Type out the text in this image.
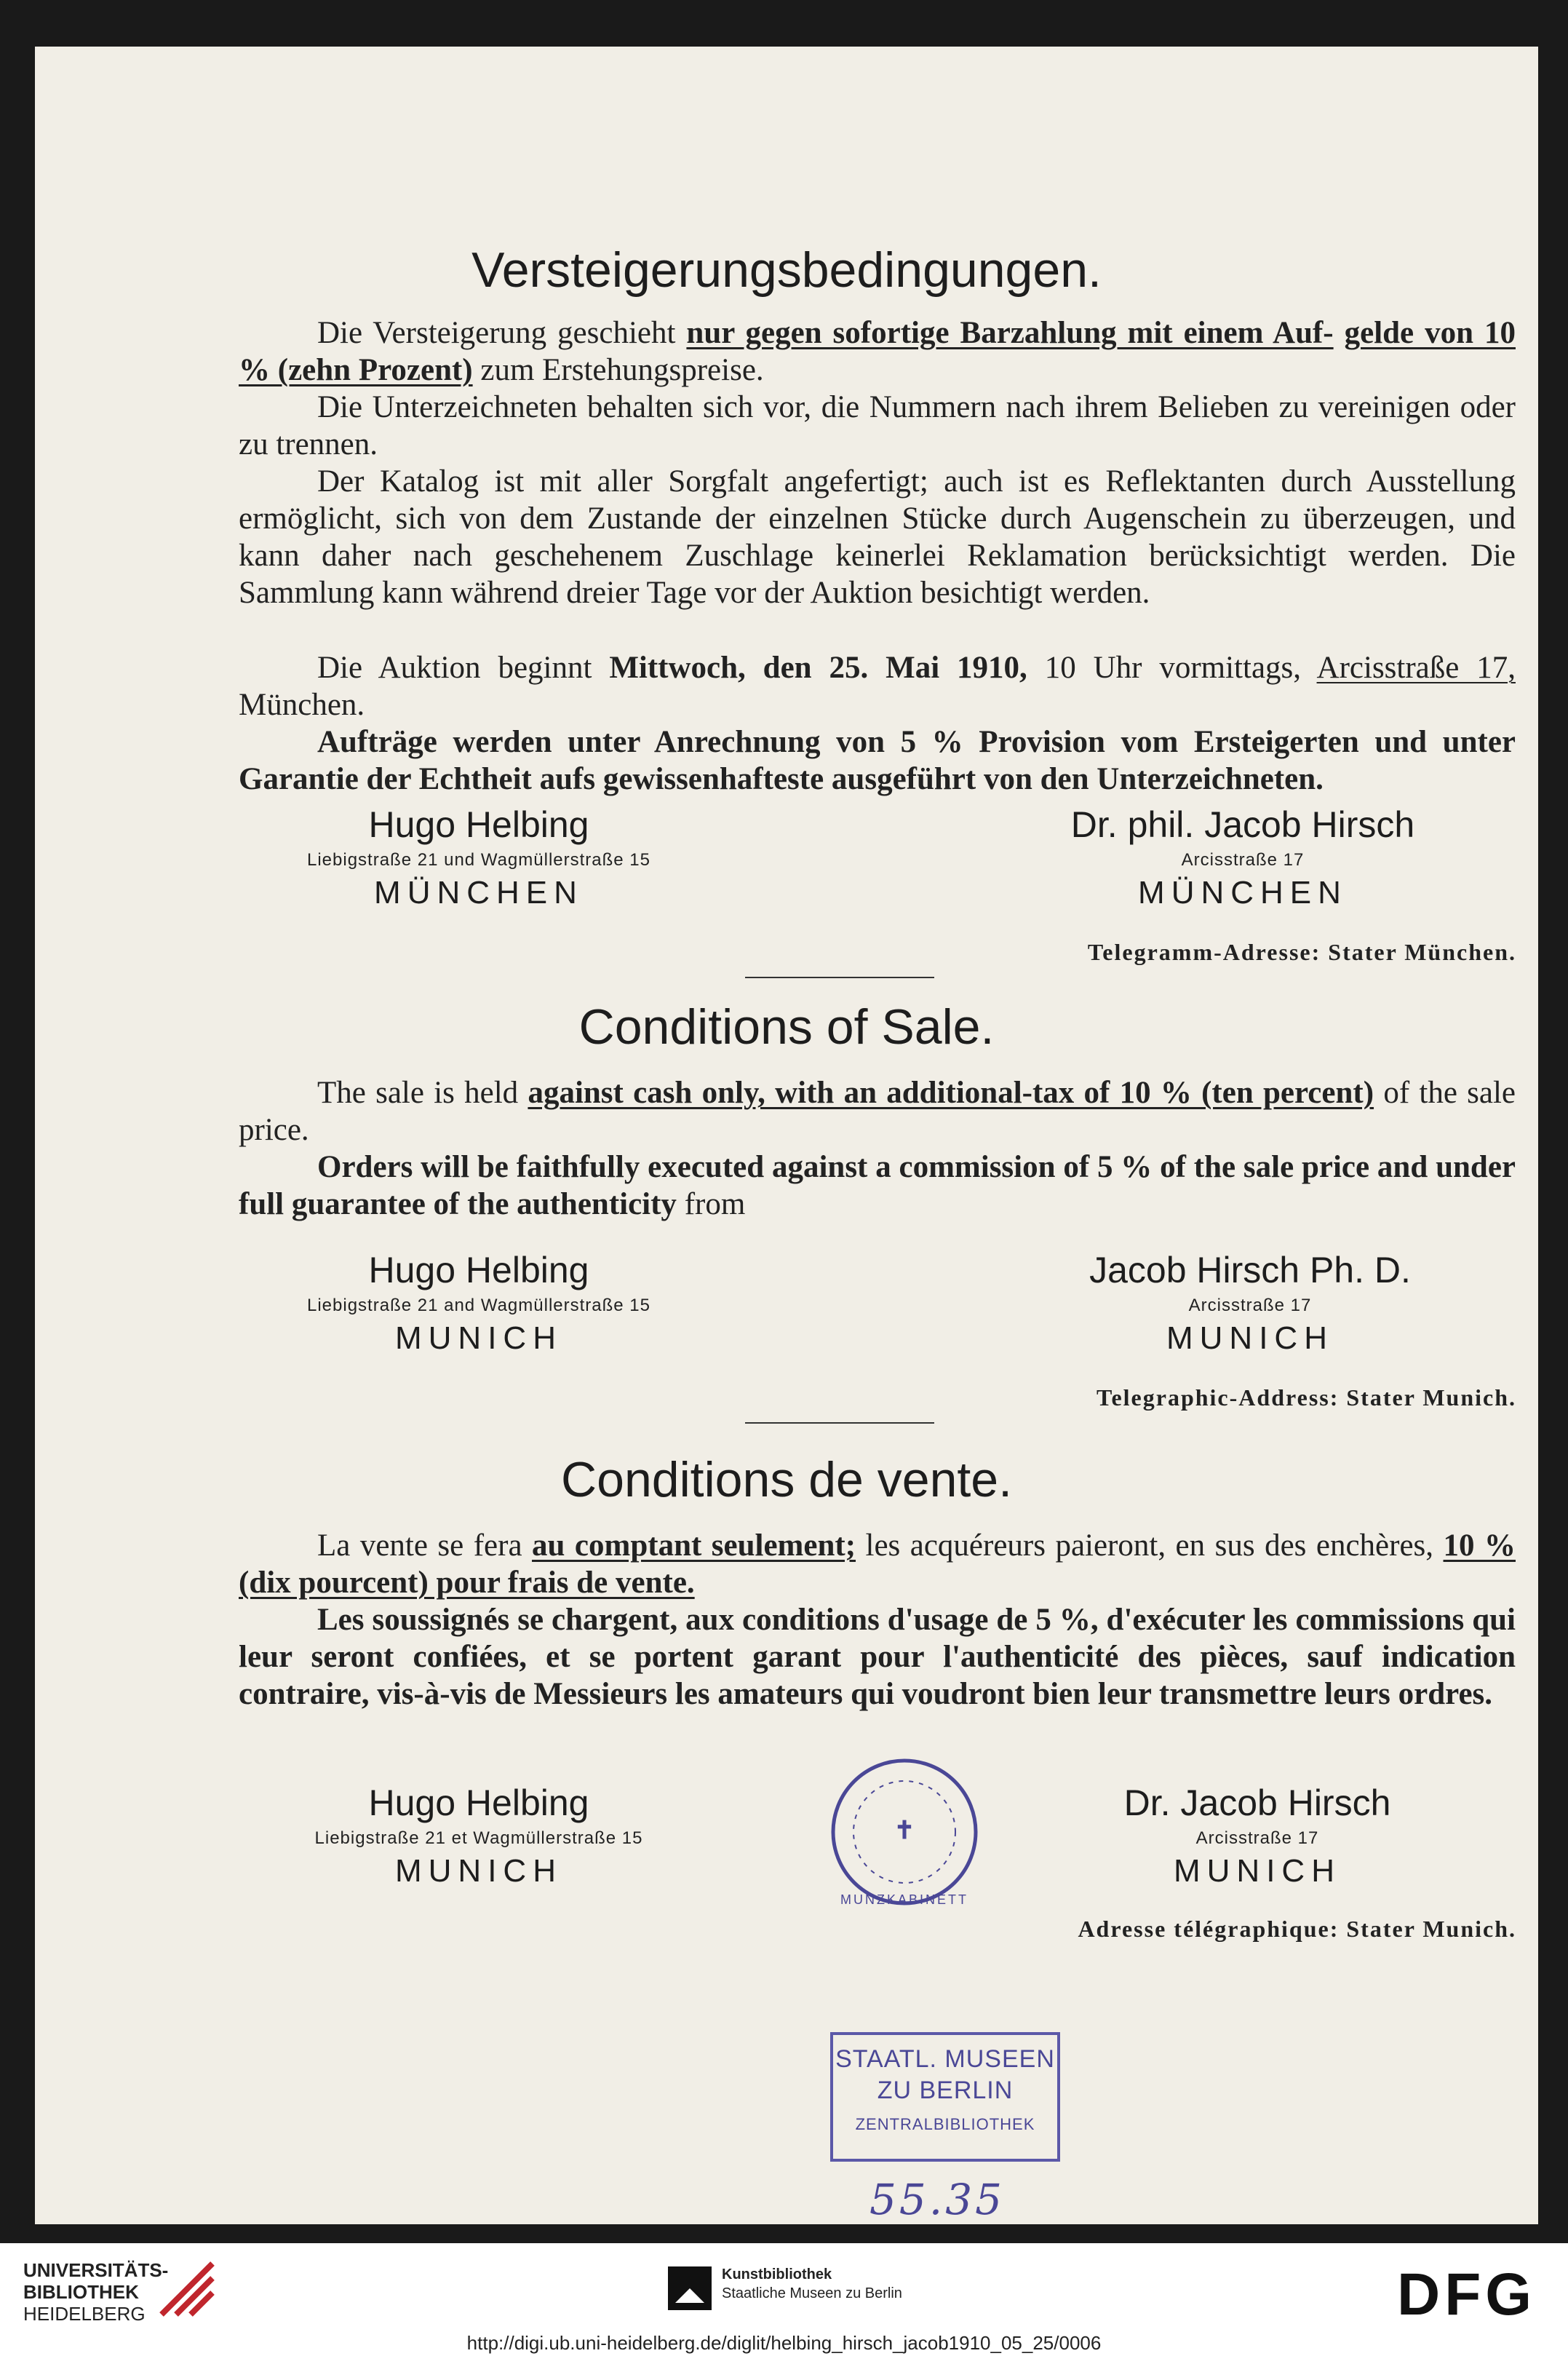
Versteigerungsbedingungen.
Die Versteigerung geschieht nur gegen sofortige Barzahlung mit einem Auf- gelde von 10 % (zehn Prozent) zum Erstehungspreise.
Die Unterzeichneten behalten sich vor, die Nummern nach ihrem Belieben zu vereinigen oder zu trennen.
Der Katalog ist mit aller Sorgfalt angefertigt; auch ist es Reflektanten durch Ausstellung ermöglicht, sich von dem Zustande der einzelnen Stücke durch Augenschein zu überzeugen, und kann daher nach geschehenem Zuschlage keinerlei Reklamation berücksichtigt werden. Die Sammlung kann während dreier Tage vor der Auktion besichtigt werden.
Die Auktion beginnt Mittwoch, den 25. Mai 1910, 10 Uhr vormittags, Arcisstraße 17, München.
Aufträge werden unter Anrechnung von 5 % Provision vom Ersteigerten und unter Garantie der Echtheit aufs gewissenhafteste ausgeführt von den Unterzeichneten.
Hugo Helbing
Liebigstraße 21 und Wagmüllerstraße 15
MÜNCHEN
Dr. phil. Jacob Hirsch
Arcisstraße 17
MÜNCHEN
Telegramm-Adresse: Stater München.
Conditions of Sale.
The sale is held against cash only, with an additional-tax of 10 % (ten percent) of the sale price.
Orders will be faithfully executed against a commission of 5 % of the sale price and under full guarantee of the authenticity from
Hugo Helbing
Liebigstraße 21 and Wagmüllerstraße 15
MUNICH
Jacob Hirsch Ph. D.
Arcisstraße 17
MUNICH
Telegraphic-Address: Stater Munich.
Conditions de vente.
La vente se fera au comptant seulement; les acquéreurs paieront, en sus des enchères, 10 % (dix pourcent) pour frais de vente.
Les soussignés se chargent, aux conditions d'usage de 5 %, d'exécuter les commissions qui leur seront confiées, et se portent garant pour l'authenticité des pièces, sauf indication contraire, vis-à-vis de Messieurs les amateurs qui voudront bien leur transmettre leurs ordres.
Hugo Helbing
Liebigstraße 21 et Wagmüllerstraße 15
MUNICH
Dr. Jacob Hirsch
Arcisstraße 17
MUNICH
Adresse télégraphique: Stater Munich.
✝
MUNZKABINETT
STAATL. MUSEEN
ZU BERLIN
ZENTRALBIBLIOTHEK
55.35
UNIVERSITÄTS-
BIBLIOTHEK
HEIDELBERG
Kunstbibliothek
Staatliche Museen zu Berlin	DFG
http://digi.ub.uni-heidelberg.de/diglit/helbing_hirsch_jacob1910_05_25/0006
